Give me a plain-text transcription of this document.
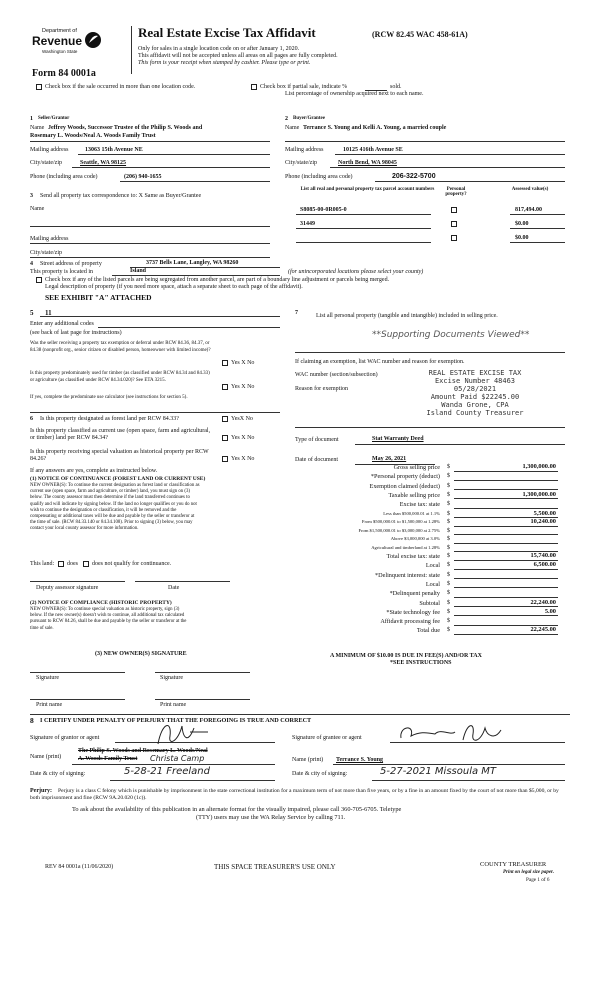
Department of
Revenue
Washington State
Real Estate Excise Tax Affidavit	(RCW 82.45 WAC 458-61A)
Only for sales in a single location code on or after January 1, 2020.
This affidavit will not be accepted unless all areas on all pages are fully completed.
This form is your receipt when stamped by cashier. Please type or print.
Form 84 0001a
Check box if the sale occurred in more than one location code.	Check box if partial sale, indicate %	sold.
List percentage of ownership acquired next to each name.
1 Seller/Grantor
Name Jeffrey Woods, Successor Trustee of the Philip S. Woods and
Rosemary L. Woods/Neal A. Woods Family Trust
Mailing address	13063 15th Avenue NE
City/state/zip	Seattle, WA 98125
Phone (including area code)	(206) 940-1655
2 Buyer/Grantee
Name Terrance S. Young and Kelli A. Young, a married couple
Mailing address	10125 416th Avenue SE
City/state/zip	North Bend, WA 98045
Phone (including area code)	206-322-5700
3 Send all property tax correspondence to: X Same as Buyer/Grantee
Name
Mailing address
City/state/zip
List all real and personal property tax parcel account numbers	Personal property?
Assessed value(s)
S8085-00-0R005-0	817,494.00
31449	$0.00
$0.00
4 Street address of property	3737 Bells Lane, Langley, WA 98260
This property is located in	Island	(for unincorporated locations please select your county)
Check box if any of the listed parcels are being segregated from another parcel, are part of a boundary line adjustment or parcels being merged.
Legal description of property (if you need more space, attach a separate sheet to each page of the affidavit).
SEE EXHIBIT "A" ATTACHED
5 11
Enter any additional codes
(see back of last page for instructions)
Was the seller receiving a property tax exemption or deferral under RCW 84.36, 84.37, or 84.38 (nonprofit org., senior citizen or disabled person, homeowner with limited income)?
Yes X No
Is this property predominately used for timber (as classified under RCW 84.34 and 84.33) or agriculture (as classified under RCW 84.34.020)? See ETA 3215.
Yes X No
If yes, complete the predominate use calculator (see instructions for section 5).
6 Is this property designated as forest land per RCW 84.33?	YesX No
Is this property classified as current use (open space, farm and agricultural, or timber) land per RCW 84.34?	Yes X No
Is this property receiving special valuation as historical property per RCW 84.26?	Yes X No
If any answers are yes, complete as instructed below.
(1) NOTICE OF CONTINUANCE (FOREST LAND OR CURRENT USE)
NEW OWNER(S): To continue the current designation as forest land or classification as
current use (open space, farm and agriculture, or timber) land, you must sign on (3)
below. The county assessor must then determine if the land transferred continues to
qualify and will indicate by signing below. If the land no longer qualifies or you do not
wish to continue the designation or classification, it will be removed and the
compensating or additional taxes will be due and payable by the seller or transferor at
the time of sale. (RCW 84.33.140 or 84.34.108). Prior to signing (3) below, you may
contact your local county assessor for more information.
This land: does does not qualify for continuance.
Deputy assessor signature	Date
(2) NOTICE OF COMPLIANCE (HISTORIC PROPERTY)
NEW OWNER(S): To continue special valuation as historic property, sign (3)
below. If the new owner(s) doesn't wish to continue, all additional tax calculated
pursuant to RCW 84.26, shall be due and payable by the seller or transferor at the
time of sale.
(3) NEW OWNER(S) SIGNATURE
Signature	Signature
Print name	Print name
7	List all personal property (tangible and intangible) included in selling price.
**Supporting Documents Viewed**
If claiming an exemption, list WAC number and reason for exemption.
WAC number (section/subsection)
Reason for exemption
REAL ESTATE EXCISE TAX
Excise Number 48463
05/28/2021
Amount Paid $22245.00
Wanda Grone, CPA
Island County Treasurer
Type of document	Stat Warranty Deed
Date of document	May 26, 2021
Gross selling price $	1,300,000.00
*Personal property (deduct) $
Exemption claimed (deduct) $
Taxable selling price $	1,300,000.00
Excise tax: state $
Less than $500,000.01 at 1.1% $	5,500.00
From $500,000.01 to $1,500,000 at 1.28% $	10,240.00
From $1,500,000.01 to $3,000,000 at 2.75% $
Above $3,000,000 at 3.0% $
Agricultural and timberland at 1.28% $
Total excise tax: state $	15,740.00
Local $	6,500.00
*Delinquent interest: state $
Local $
*Delinquent penalty $
Subtotal $	22,240.00
*State technology fee $	5.00
Affidavit processing fee $
Total due $	22,245.00
A MINIMUM OF $10.00 IS DUE IN FEE(S) AND/OR TAX
*SEE INSTRUCTIONS
8 I CERTIFY UNDER PENALTY OF PERJURY THAT THE FOREGOING IS TRUE AND CORRECT
Signature of grantor or agent	Signature of grantee or agent
Name (print)
The Philip S. Woods and Rosemary L. Woods/Neal
A. Woods Family Trust Christa Camp	Name (print) Terrance S. Young
Date & city of signing:	5-28-21 Freeland	Date & city of signing:	5-27-2021 Missoula MT
Perjury:	Perjury is a class C felony which is punishable by imprisonment in the state correctional institution for a maximum term of not more than five years, or by a fine in an amount fixed by the court of not more than $5,000, or by both imprisonment and fine (RCW 9A.20.020 (1c)).
To ask about the availability of this publication in an alternate format for the visually impaired, please call 360-705-6705. Teletype
(TTY) users may use the WA Relay Service by calling 711.
REV 84 0001a (11/06/2020)	THIS SPACE TREASURER'S USE ONLY	COUNTY TREASURER
Print on legal size paper.
Page 1 of 6
